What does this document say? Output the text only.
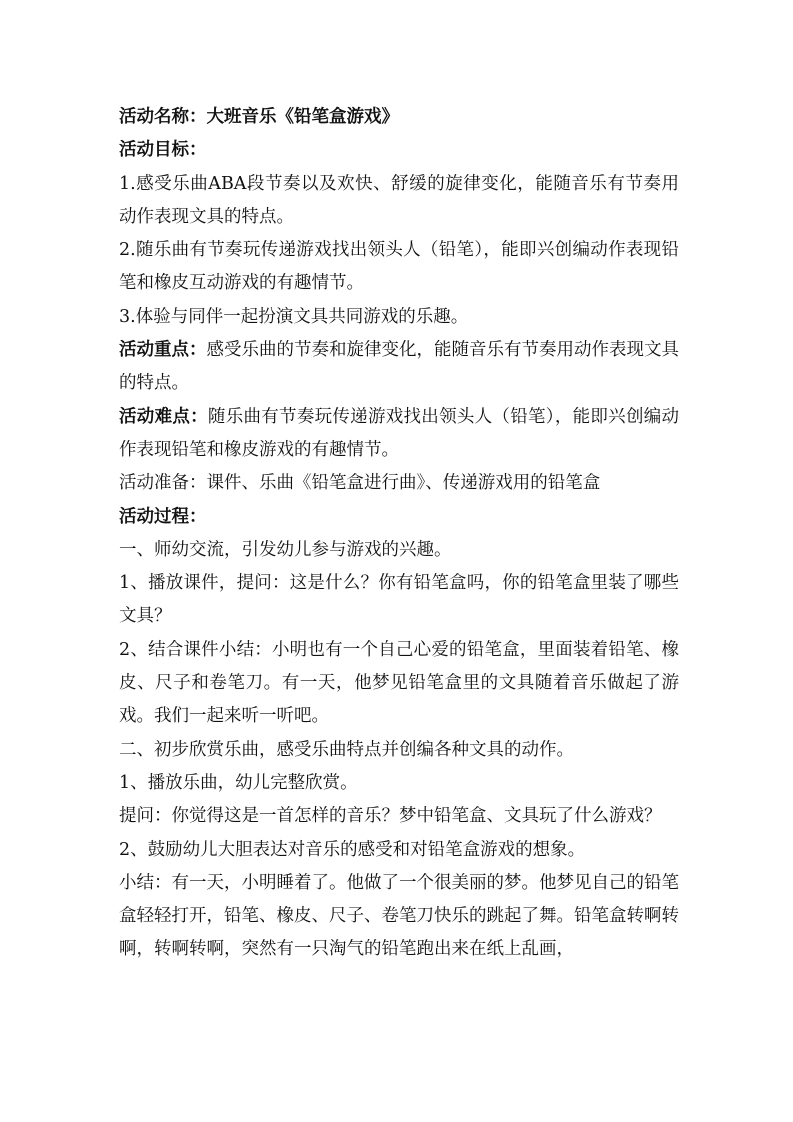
活动名称：大班音乐《铅笔盒游戏》

活动目标：

1.感受乐曲ABA段节奏以及欢快、舒缓的旋律变化，能随音乐有节奏用动作表现文具的特点。

2.随乐曲有节奏玩传递游戏找出领头人（铅笔），能即兴创编动作表现铅笔和橡皮互动游戏的有趣情节。

3.体验与同伴一起扮演文具共同游戏的乐趣。

活动重点：感受乐曲的节奏和旋律变化，能随音乐有节奏用动作表现文具的特点。

活动难点：随乐曲有节奏玩传递游戏找出领头人（铅笔），能即兴创编动作表现铅笔和橡皮游戏的有趣情节。

活动准备：课件、乐曲《铅笔盒进行曲》、传递游戏用的铅笔盒

活动过程：

一、师幼交流，引发幼儿参与游戏的兴趣。

1、播放课件，提问：这是什么？你有铅笔盒吗，你的铅笔盒里装了哪些文具？

2、结合课件小结：小明也有一个自己心爱的铅笔盒，里面装着铅笔、橡皮、尺子和卷笔刀。有一天，他梦见铅笔盒里的文具随着音乐做起了游戏。我们一起来听一听吧。

二、初步欣赏乐曲，感受乐曲特点并创编各种文具的动作。

1、播放乐曲，幼儿完整欣赏。

提问：你觉得这是一首怎样的音乐？梦中铅笔盒、文具玩了什么游戏？

2、鼓励幼儿大胆表达对音乐的感受和对铅笔盒游戏的想象。

小结：有一天，小明睡着了。他做了一个很美丽的梦。他梦见自己的铅笔盒轻轻打开，铅笔、橡皮、尺子、卷笔刀快乐的跳起了舞。铅笔盒转啊转啊，转啊转啊，突然有一只淘气的铅笔跑出来在纸上乱画，
